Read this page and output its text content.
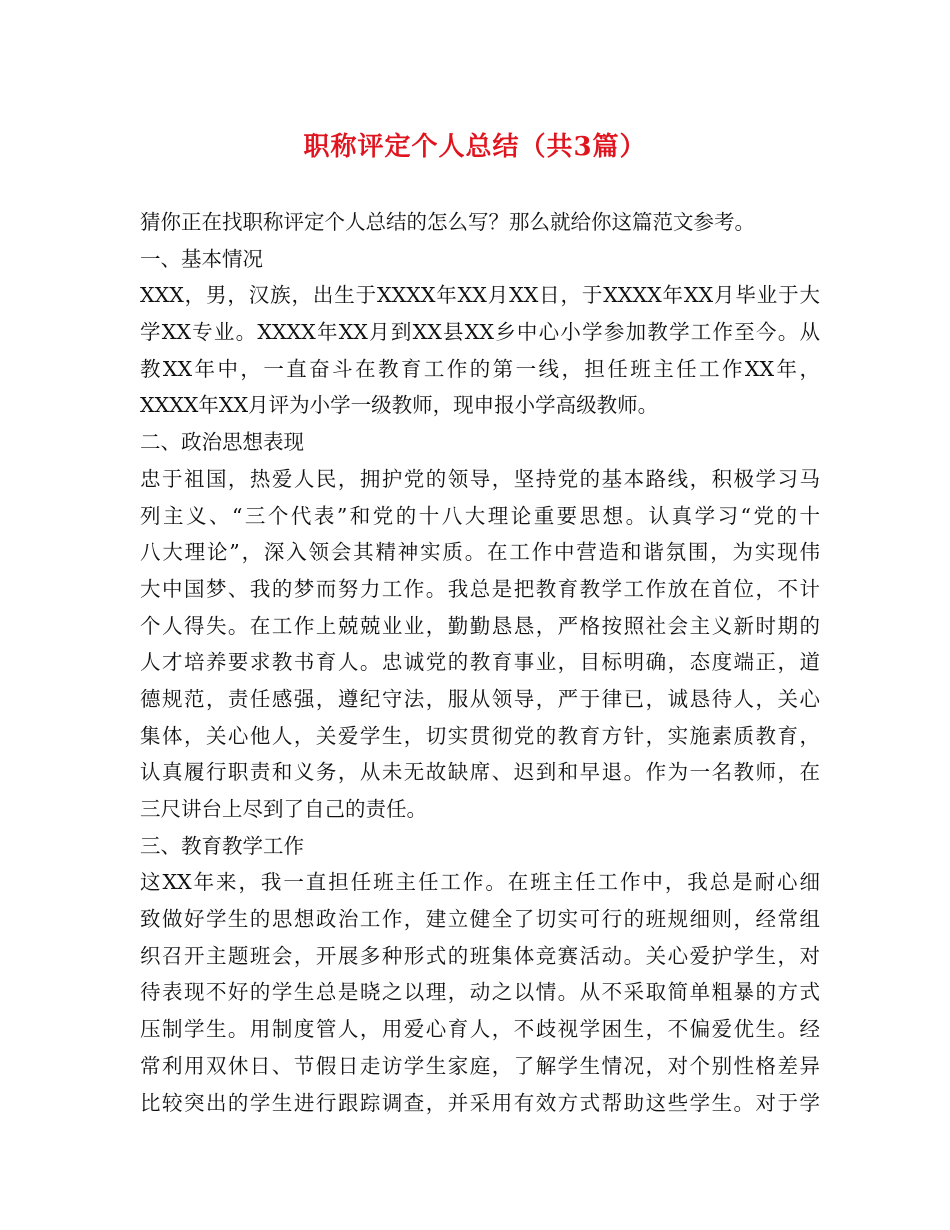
职称评定个人总结（共3篇）
猜你正在找职称评定个人总结的怎么写？那么就给你这篇范文参考。
一、基本情况
XXX，男，汉族，出生于XXXX年XX月XX日，于XXXX年XX月毕业于大
学XX专业。XXXX年XX月到XX县XX乡中心小学参加教学工作至今。从
教XX年中，一直奋斗在教育工作的第一线，担任班主任工作XX年，
XXXX年XX月评为小学一级教师，现申报小学高级教师。
二、政治思想表现
忠于祖国，热爱人民，拥护党的领导，坚持党的基本路线，积极学习马
列主义、“三个代表”和党的十八大理论重要思想。认真学习“党的十
八大理论”，深入领会其精神实质。在工作中营造和谐氛围，为实现伟
大中国梦、我的梦而努力工作。我总是把教育教学工作放在首位，不计
个人得失。在工作上兢兢业业，勤勤恳恳，严格按照社会主义新时期的
人才培养要求教书育人。忠诚党的教育事业，目标明确，态度端正，道
德规范，责任感强，遵纪守法，服从领导，严于律已，诚恳待人，关心
集体，关心他人，关爱学生，切实贯彻党的教育方针，实施素质教育，
认真履行职责和义务，从未无故缺席、迟到和早退。作为一名教师，在
三尺讲台上尽到了自己的责任。
三、教育教学工作
这XX年来，我一直担任班主任工作。在班主任工作中，我总是耐心细
致做好学生的思想政治工作，建立健全了切实可行的班规细则，经常组
织召开主题班会，开展多种形式的班集体竞赛活动。关心爱护学生，对
待表现不好的学生总是晓之以理，动之以情。从不采取简单粗暴的方式
压制学生。用制度管人，用爱心育人，不歧视学困生，不偏爱优生。经
常利用双休日、节假日走访学生家庭，了解学生情况，对个别性格差异
比较突出的学生进行跟踪调查，并采用有效方式帮助这些学生。对于学
